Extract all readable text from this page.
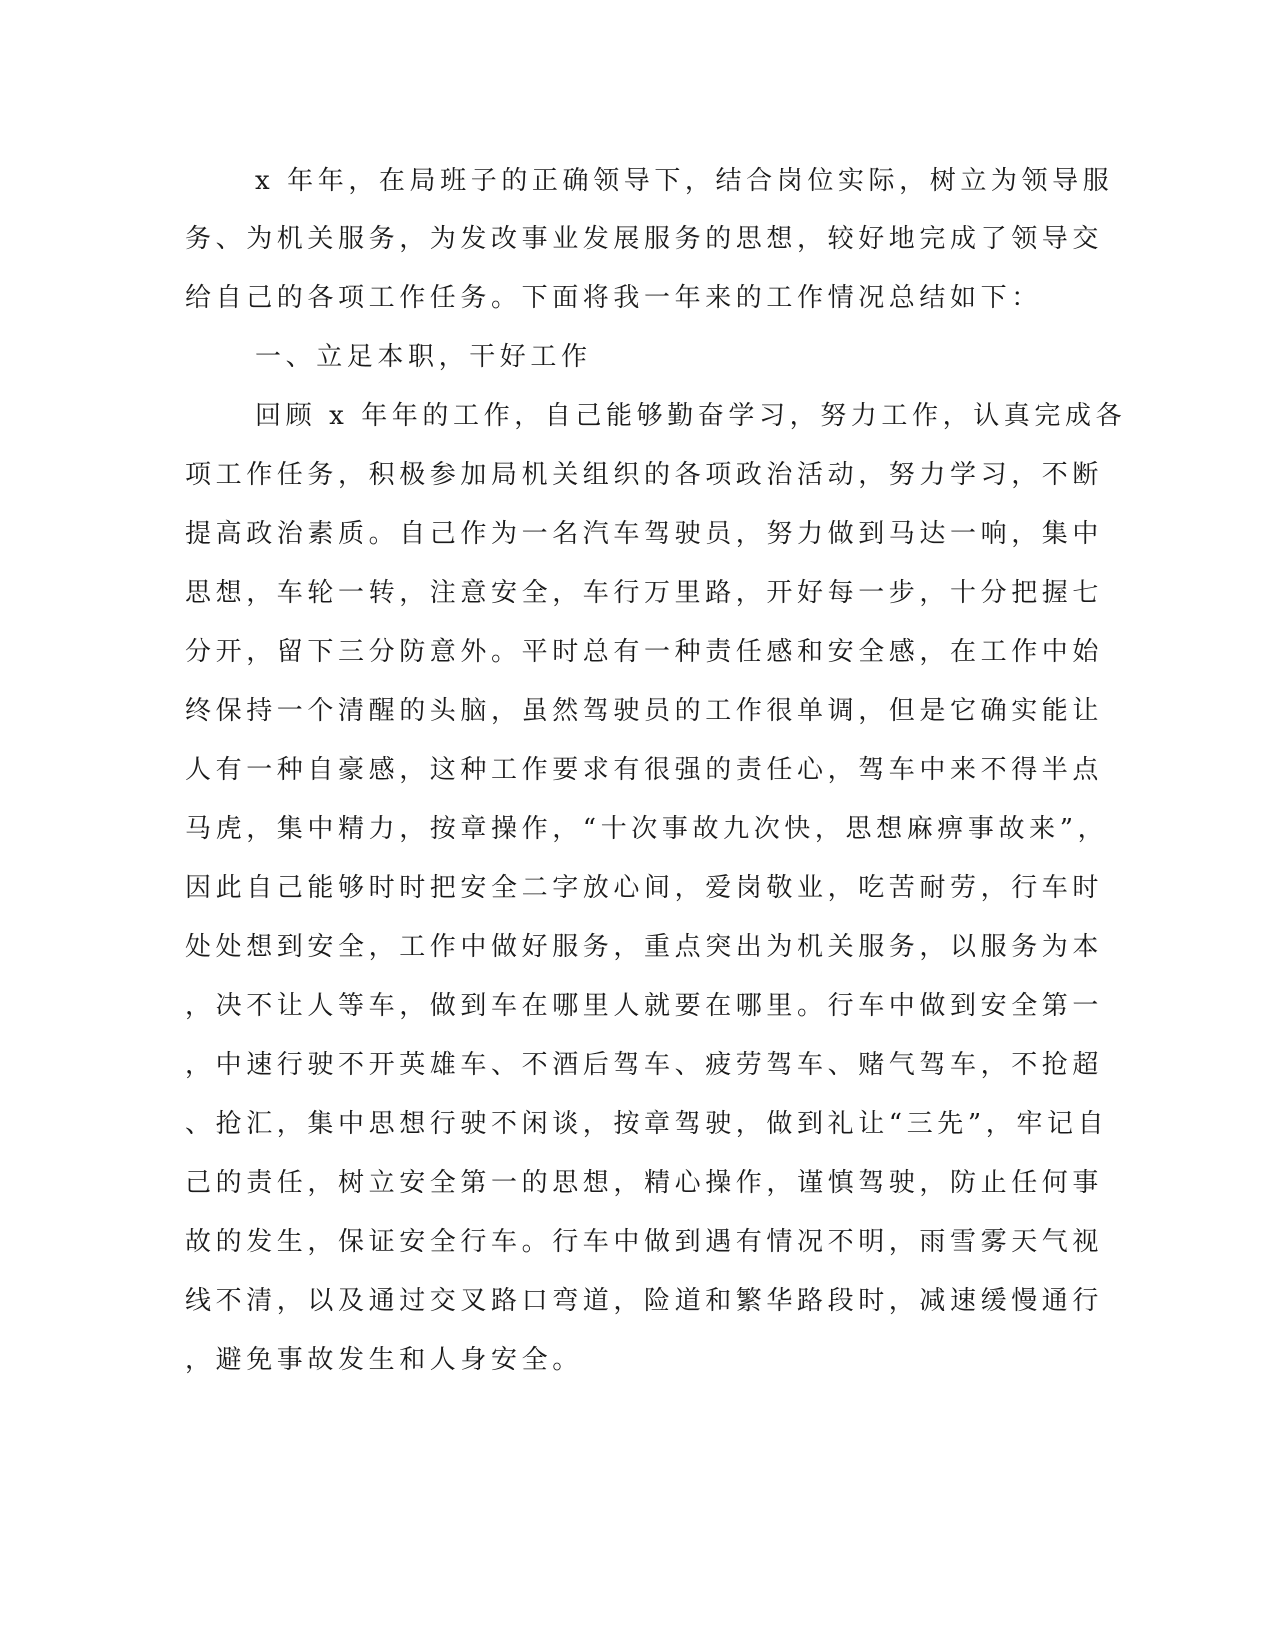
x 年年，在局班子的正确领导下，结合岗位实际，树立为领导服
务、为机关服务，为发改事业发展服务的思想，较好地完成了领导交
给自己的各项工作任务。下面将我一年来的工作情况总结如下：
一、立足本职，干好工作
回顾 x 年年的工作，自己能够勤奋学习，努力工作，认真完成各
项工作任务，积极参加局机关组织的各项政治活动，努力学习，不断
提高政治素质。自己作为一名汽车驾驶员，努力做到马达一响，集中
思想，车轮一转，注意安全，车行万里路，开好每一步，十分把握七
分开，留下三分防意外。平时总有一种责任感和安全感，在工作中始
终保持一个清醒的头脑，虽然驾驶员的工作很单调，但是它确实能让
人有一种自豪感，这种工作要求有很强的责任心，驾车中来不得半点
马虎，集中精力，按章操作，“十次事故九次快，思想麻痹事故来”，
因此自己能够时时把安全二字放心间，爱岗敬业，吃苦耐劳，行车时
处处想到安全，工作中做好服务，重点突出为机关服务，以服务为本
，决不让人等车，做到车在哪里人就要在哪里。行车中做到安全第一
，中速行驶不开英雄车、不酒后驾车、疲劳驾车、赌气驾车，不抢超
、抢汇，集中思想行驶不闲谈，按章驾驶，做到礼让“三先”，牢记自
己的责任，树立安全第一的思想，精心操作，谨慎驾驶，防止任何事
故的发生，保证安全行车。行车中做到遇有情况不明，雨雪雾天气视
线不清，以及通过交叉路口弯道，险道和繁华路段时，减速缓慢通行
，避免事故发生和人身安全。
